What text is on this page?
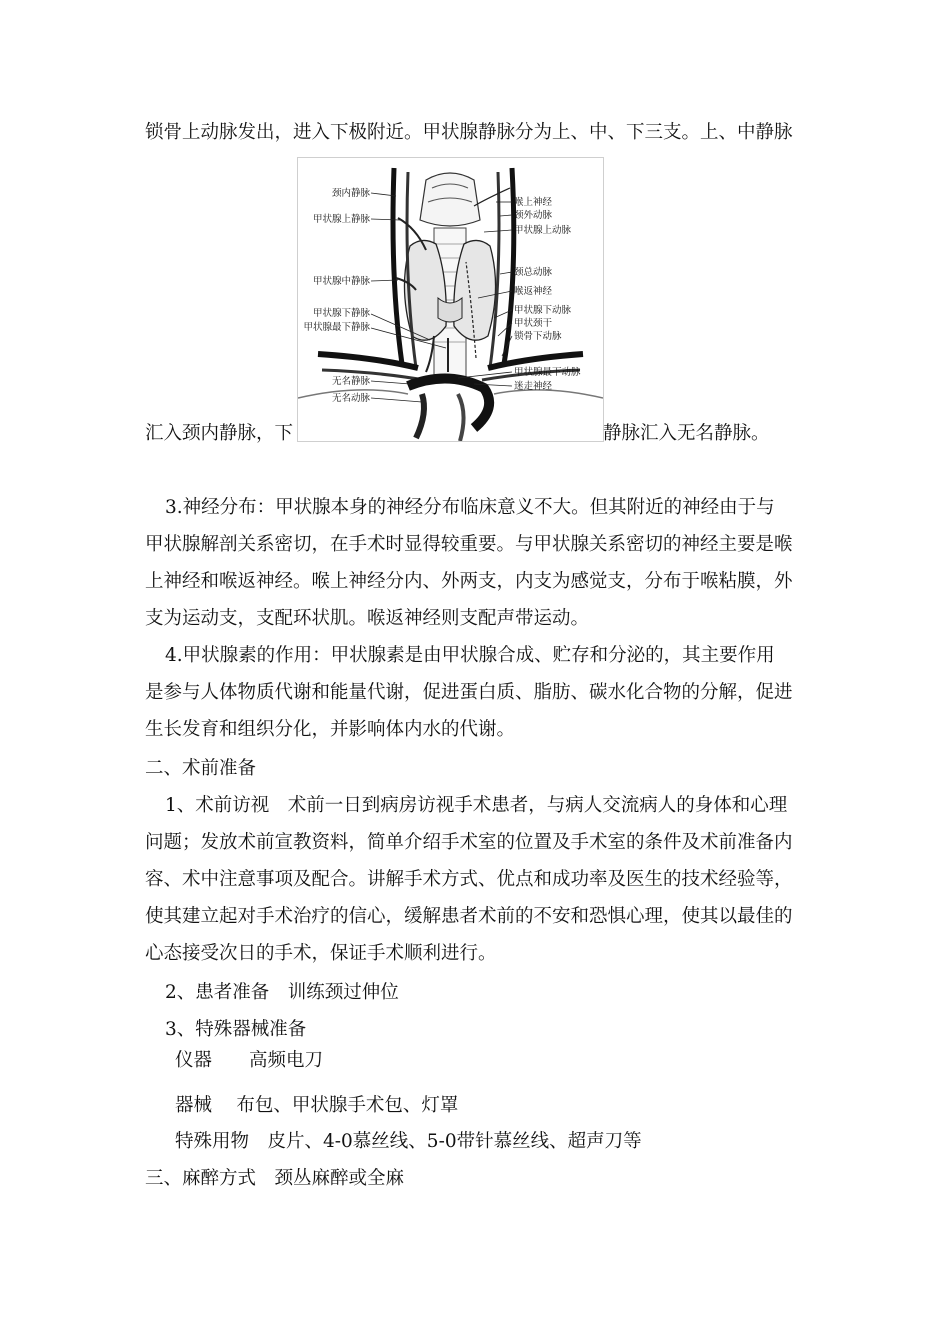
锁骨上动脉发出，进入下极附近。甲状腺静脉分为上、中、下三支。上、中静脉
颈内静脉
甲状腺上静脉
甲状腺中静脉
甲状腺下静脉
甲状腺最下静脉
无名静脉
无名动脉
喉上神经
颈外动脉
甲状腺上动脉
颈总动脉
喉返神经
甲状腺下动脉
甲状颈干
锁骨下动脉
甲状腺最下动脉
迷走神经
汇入颈内静脉，下	静脉汇入无名静脉。
3.神经分布：甲状腺本身的神经分布临床意义不大。但其附近的神经由于与
甲状腺解剖关系密切，在手术时显得较重要。与甲状腺关系密切的神经主要是喉
上神经和喉返神经。喉上神经分内、外两支，内支为感觉支，分布于喉粘膜，外
支为运动支，支配环状肌。喉返神经则支配声带运动。
4.甲状腺素的作用：甲状腺素是由甲状腺合成、贮存和分泌的，其主要作用
是参与人体物质代谢和能量代谢，促进蛋白质、脂肪、碳水化合物的分解，促进
生长发育和组织分化，并影响体内水的代谢。
二、术前准备
1、术前访视　术前一日到病房访视手术患者，与病人交流病人的身体和心理
问题；发放术前宣教资料，简单介绍手术室的位置及手术室的条件及术前准备内
容、术中注意事项及配合。讲解手术方式、优点和成功率及医生的技术经验等，
使其建立起对手术治疗的信心，缓解患者术前的不安和恐惧心理，使其以最佳的
心态接受次日的手术，保证手术顺利进行。
2、患者准备　训练颈过伸位
3、特殊器械准备
仪器　　高频电刀
器械　 布包、甲状腺手术包、灯罩
特殊用物　皮片、4-0慕丝线、5-0带针慕丝线、超声刀等
三、麻醉方式　颈丛麻醉或全麻
